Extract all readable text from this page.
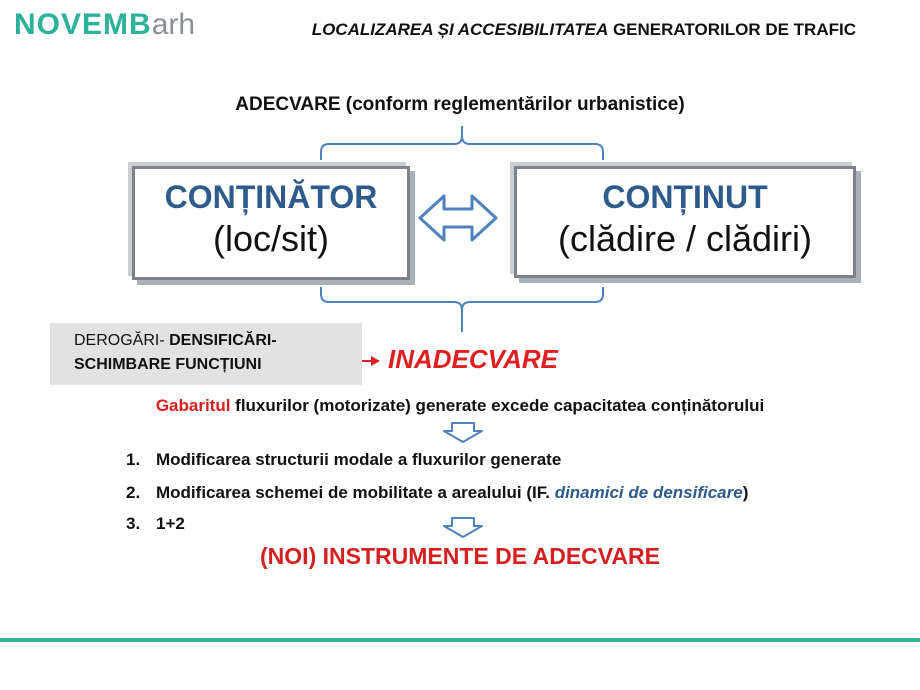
NOVEMBarh	LOCALIZAREA ȘI ACCESIBILITATEA GENERATORILOR DE TRAFIC
ADECVARE (conform reglementărilor urbanistice)
CONȚINĂTOR
(loc/sit)
CONȚINUT
(clădire / clădiri)
DEROGĂRI- DENSIFICĂRI-
SCHIMBARE FUNCȚIUNI	INADECVARE
Gabaritul fluxurilor (motorizate) generate excede capacitatea conținătorului
1. Modificarea structurii modale a fluxurilor generate
2. Modificarea schemei de mobilitate a arealului (IF. dinamici de densificare)
3. 1+2
(NOI) INSTRUMENTE DE ADECVARE
